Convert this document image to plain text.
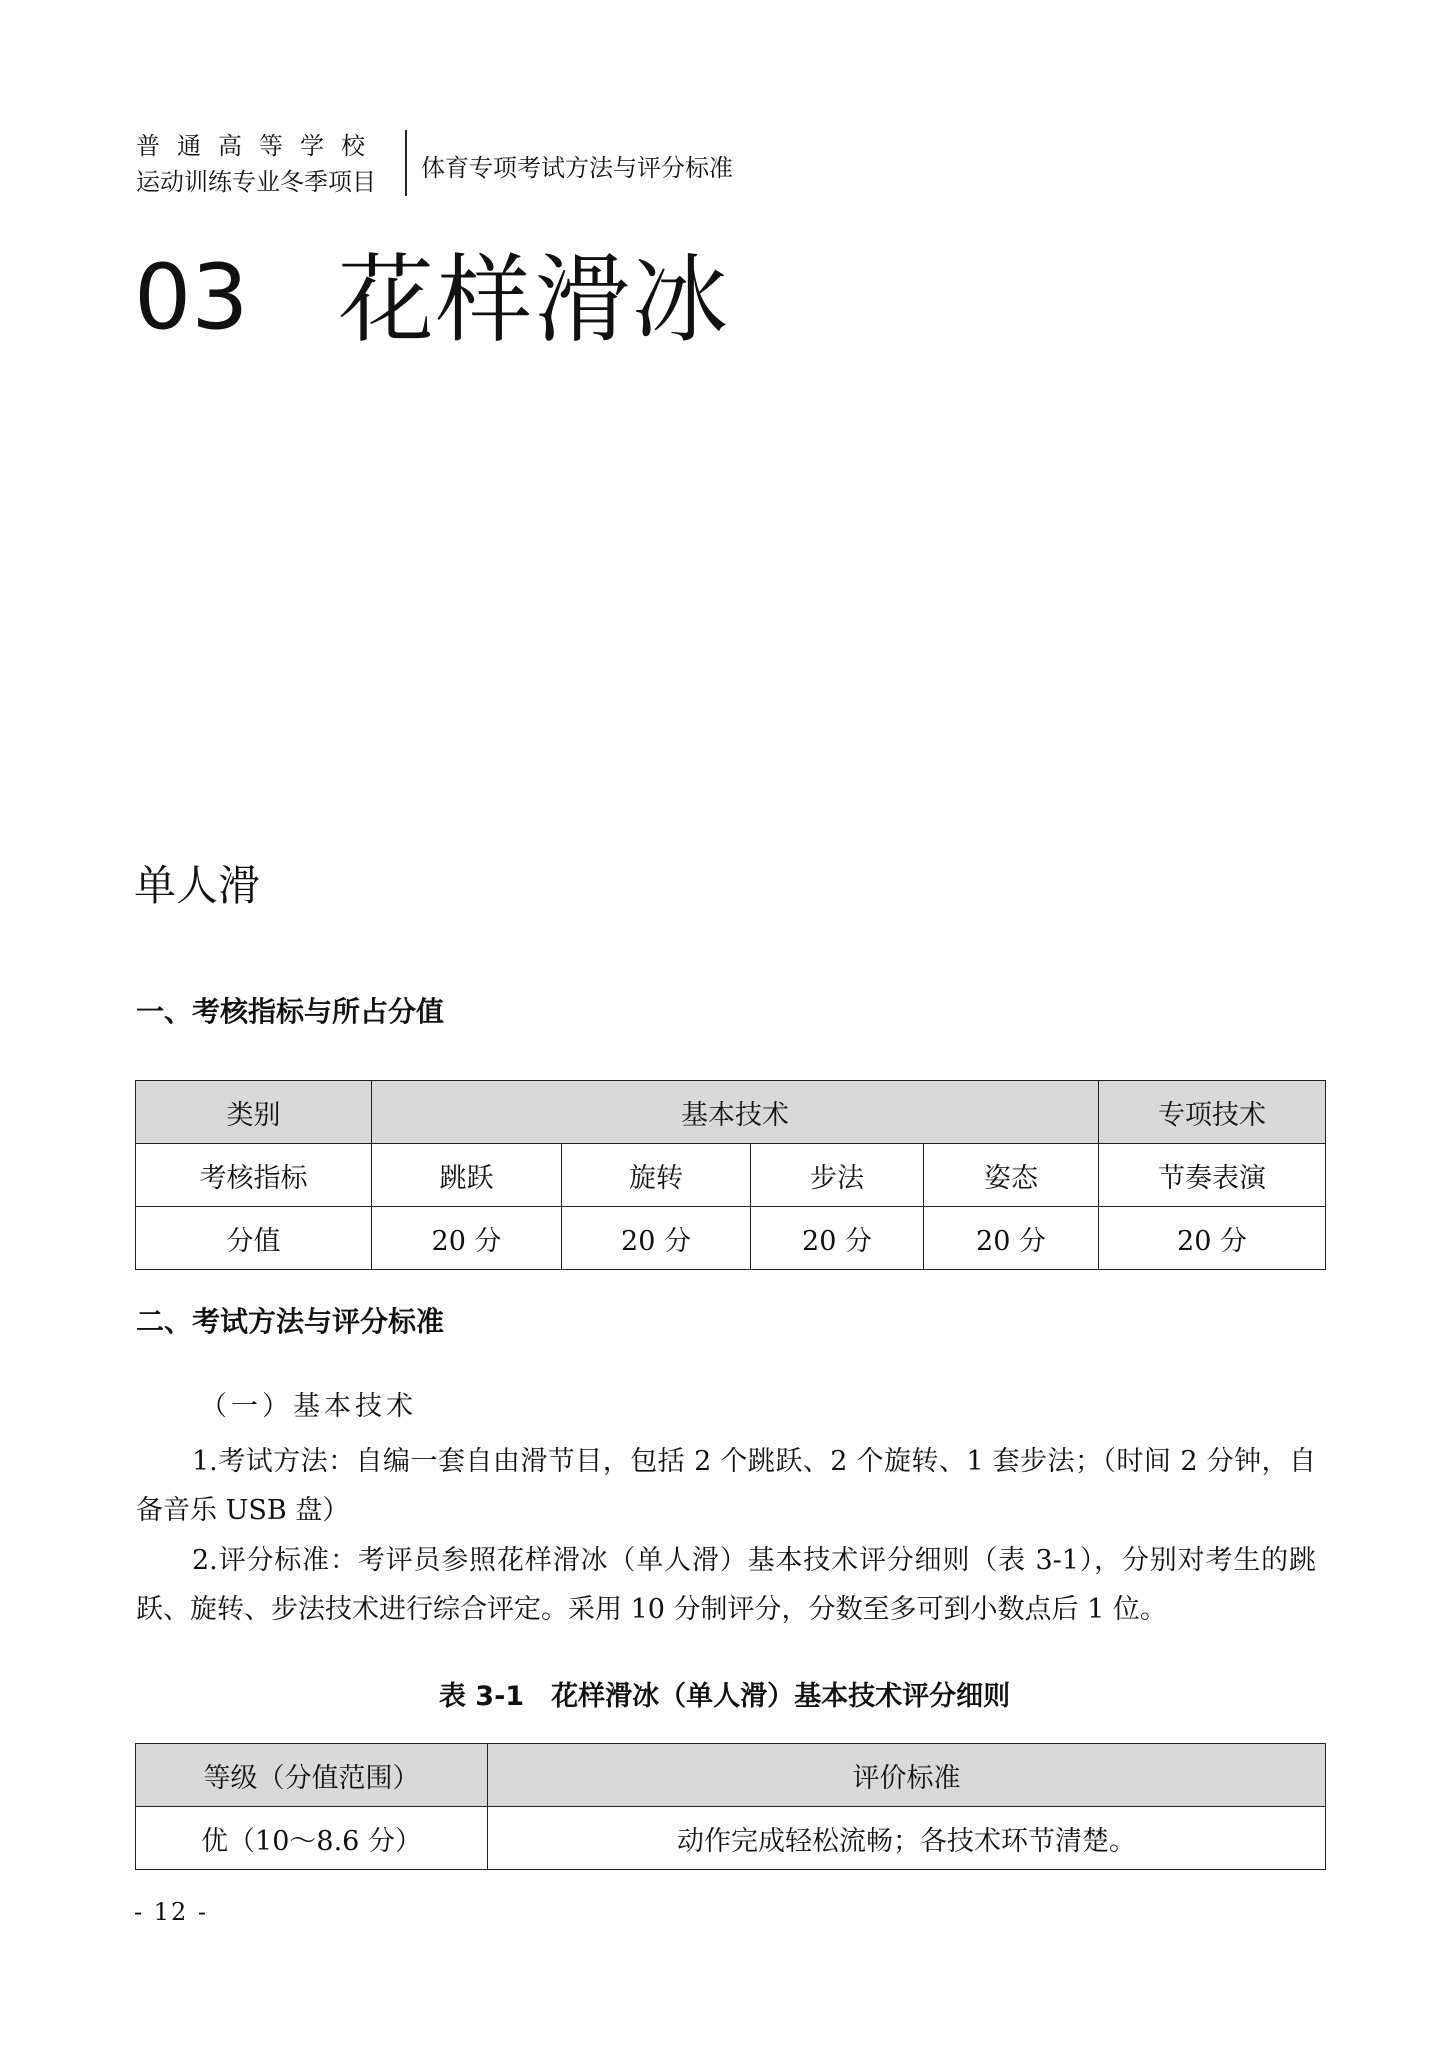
普通高等学校
运动训练专业冬季项目	体育专项考试方法与评分标准
03 花样滑冰
单人滑
一、考核指标与所占分值
类别	基本技术				专项技术
考核指标	跳跃	旋转	步法	姿态	节奏表演
分值	20 分	20 分	20 分	20 分	20 分
二、考试方法与评分标准
（一）基本技术
1.考试方法：自编一套自由滑节目，包括 2 个跳跃、2 个旋转、1 套步法；（时间 2 分钟，自备音乐 USB 盘）
2.评分标准：考评员参照花样滑冰（单人滑）基本技术评分细则（表 3-1），分别对考生的跳跃、旋转、步法技术进行综合评定。采用 10 分制评分，分数至多可到小数点后 1 位。
表 3-1　花样滑冰（单人滑）基本技术评分细则
等级（分值范围）	评价标准
优（10～8.6 分）	动作完成轻松流畅；各技术环节清楚。
- 12 -
